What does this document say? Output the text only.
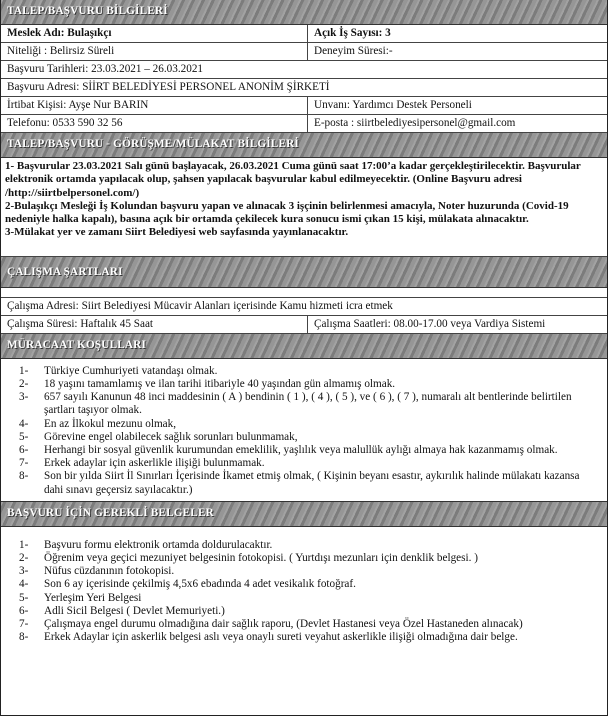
TALEP/BAŞVURU BİLGİLERİ
Meslek Adı: Bulaşıkçı	Açık İş Sayısı: 3
Niteliği : Belirsiz Süreli	Deneyim Süresi:-
Başvuru Tarihleri: 23.03.2021 – 26.03.2021
Başvuru Adresi: SİİRT BELEDİYESİ PERSONEL ANONİM ŞİRKETİ
İrtibat Kişisi: Ayşe Nur BARIN	Unvanı: Yardımcı Destek Personeli
Telefonu: 0533 590 32 56	E-posta : siirtbelediyesipersonel@gmail.com
TALEP/BAŞVURU - GÖRÜŞME/MÜLAKAT BİLGİLERİ

1- Başvurular 23.03.2021 Salı günü başlayacak, 26.03.2021 Cuma günü saat 17:00’a kadar gerçekleştirilecektir. Başvurular elektronik ortamda yapılacak olup, şahsen yapılacak başvurular kabul edilmeyecektir. (Online Başvuru adresi /http://siirtbelpersonel.com/)

2-Bulaşıkçı Mesleği İş Kolundan başvuru yapan ve alınacak 3 işçinin belirlenmesi amacıyla, Noter huzurunda (Covid-19 nedeniyle halka kapalı), basına açık bir ortamda çekilecek kura sonucu ismi çıkan 15 kişi, mülakata alınacaktır.

3-Mülakat yer ve zamanı Siirt Belediyesi web sayfasında yayınlanacaktır.

ÇALIŞMA ŞARTLARI
Çalışma Adresi: Siirt Belediyesi Mücavir Alanları içerisinde Kamu hizmeti icra etmek
Çalışma Süresi: Haftalık 45 Saat	Çalışma Saatleri: 08.00-17.00 veya Vardiya Sistemi
MÜRACAAT KOŞULLARI
1-	Türkiye Cumhuriyeti vatandaşı olmak.
2-	18 yaşını tamamlamış ve ilan tarihi itibariyle 40 yaşından gün almamış olmak.
3-	657 sayılı Kanunun 48 inci maddesinin ( A ) bendinin ( 1 ), ( 4 ), ( 5 ), ve ( 6 ), ( 7 ), numaralı alt bentlerinde belirtilen şartları taşıyor olmak.
4-	En az İlkokul mezunu olmak,
5-	Görevine engel olabilecek sağlık sorunları bulunmamak,
6-	Herhangi bir sosyal güvenlik kurumundan emeklilik, yaşlılık veya malullük aylığı almaya hak kazanmamış olmak.
7-	Erkek adaylar için askerlikle ilişiği bulunmamak.
8-	Son bir yılda Siirt İl Sınırları İçerisinde İkamet etmiş olmak, ( Kişinin beyanı esastır, aykırılık halinde mülakatı kazansa dahi sınavı geçersiz sayılacaktır.)
BAŞVURU İÇİN GEREKLİ BELGELER
1-	Başvuru formu elektronik ortamda doldurulacaktır.
2-	Öğrenim veya geçici mezuniyet belgesinin fotokopisi. ( Yurtdışı mezunları için denklik belgesi. )
3-	Nüfus cüzdanının fotokopisi.
4-	Son 6 ay içerisinde çekilmiş 4,5x6 ebadında 4 adet vesikalık fotoğraf.
5-	Yerleşim Yeri Belgesi
6-	Adli Sicil Belgesi ( Devlet Memuriyeti.)
7-	Çalışmaya engel durumu olmadığına dair sağlık raporu, (Devlet Hastanesi veya Özel Hastaneden alınacak)
8-	Erkek Adaylar için askerlik belgesi aslı veya onaylı sureti veyahut askerlikle ilişiği olmadığına dair belge.
